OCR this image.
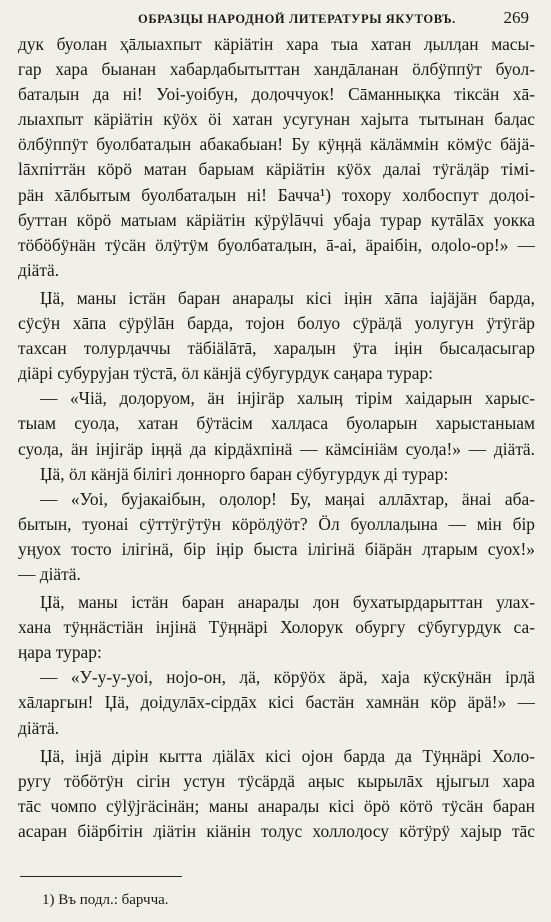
ОБРАЗЦЫ НАРОДНОЙ ЛИТЕРАТУРЫ ЯКУТОВЪ.	269
дук буолан ҳāлыахпыт кäріäтін хара тыа хатан ӆылӆан масы-
гар хара быанан хабарӆабытыттан хандāланан öлбӱппӱт буол-
батаӆын да нi! Уоі-уоібун, доӆоччуок! Сāманнықка тiксäн хā-
лыахпыт кäріäтін кӱöх öі хатан усугунан хаjыта тытынан баӆас
öлбӱппӱт буолбатаӆын абакабыан! Бу кӱӊӊä кäлäммін кöмӱс бäjä-
lāхпіттäн кöрö матан барыам кäріäтін кӱöх далаі тӱгäӆäр тiмi-
рäн хāлбытым буолбатаӆын нi! Бачча¹) тохору холбоспут доӆоi-
буттан кöрö матыам кäріäтін кӱрӱlāччi убаjа турар кутālāх уокка
тöбöбӱнäн тӱсäн öлӱтӱм буолбатаӆын, ā-аi, äраiбiн, оӆоlо-ор!» —
дiäтä.
Џä, маны iстäн баран анараӆы кiсi iӊiн хāпа iаjäjäн барда,
сӱсӱн хāпа сӱрӱlāн барда, тоjон болуо сӱрäӆä уолугун ӱтӱгäр
тахсан толурӆаччы тäбiälāтā, хараӆын ӱта iӊiн бысаӆасыгар
дiäрi субуруjан тӱстā, öл кäнjä сӱбугурдук саӊара турар:
— «Чiä, доӆоруом, äн iнjiгäр халыӊ тiрiм хаiдарын харыс-
тыам суоӆа, хатан бӱтäсiм халӆаса буоларын харыстаныам
суоӆа, äн iнjiгäр iӊӊä да кiрдäхпiнä — кäмсiнiäм суоӆа!» — дiäтä.
Џä, öл кäнjä бiлiгi ӆоннорго баран сӱбугурдук дi турар:
— «Уоі, бујакаiбын, оӆолор! Бу, маӊаі аллāхтар, äнаі аба-
бытын, туонаі сӱттӱгӱтӱн кöрöӆӱöт? Öл буоллаӆына — мiн бiр
уӊуох тосто iлiгiнä, бiр iӊiр быста iлiгiнä бiäрäн ӆтарым суох!»
— дiäтä.
Џä, маны iстäн баран анараӆы ӆон бухатырдарыттан улах-
хана тӱӊнäстiäн iнjiнä Тӱӊнäрi Холорук обургу сӱбугурдук са-
ӊара турар:
— «У-у-у-уоi, ноjо-он, ӆä, кöрӱöх äрä, хаjа кӱскӱнäн iрӆä
хāларгын! Џä, доiдулāх-сiрдāх кiсi бастäн хамнäн кöр äрä!» —
дiäтä.
Џä, iнjä дiрiн кытта ӆiälāх кiсi оjон барда да Тӱӊнäрi Холо-
ругу тöбöтӱн сiгiн устун тӱсäрдä аӊыс кырылāх ӊjыгыл хара
тāс чомпо сӱlӱjгäсiнäн; маны анараӆы кiсi öрö кöтö тӱсäн баран
асаран бiäрбiтiн ӆiäтiн кiäнiн тоӆус холлоӆосу кöтӱрӱ хаjыр тāс
1) Въ подл.: барчча.
